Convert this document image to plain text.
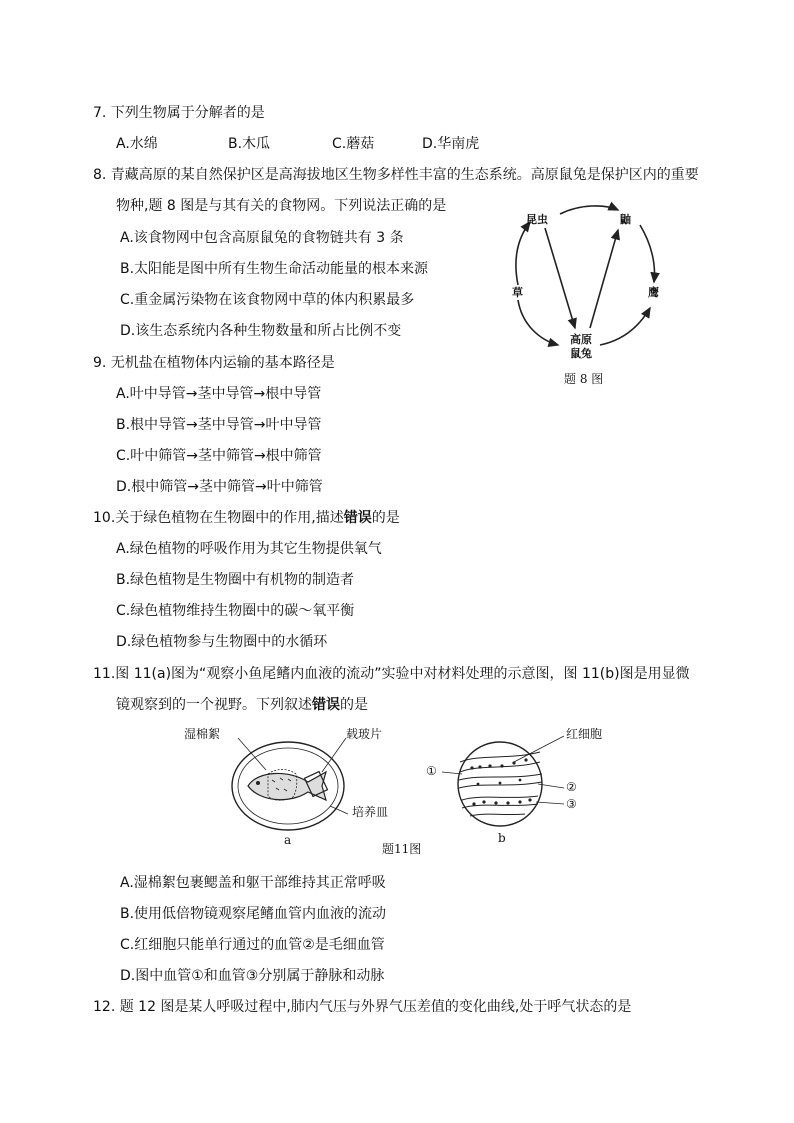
7. 下列生物属于分解者的是
A.水绵	B.木瓜	C.蘑菇	D.华南虎
8. 青藏高原的某自然保护区是高海拔地区生物多样性丰富的生态系统。高原鼠兔是保护区内的重要
物种,题 8 图是与其有关的食物网。下列说法正确的是
A.该食物网中包含高原鼠兔的食物链共有 3 条
B.太阳能是图中所有生物生命活动能量的根本来源
C.重金属污染物在该食物网中草的体内积累最多
D.该生态系统内各种生物数量和所占比例不变
昆虫	鼬
草	鹰
高原
鼠兔
题 8 图
9. 无机盐在植物体内运输的基本路径是
A.叶中导管→茎中导管→根中导管
B.根中导管→茎中导管→叶中导管
C.叶中筛管→茎中筛管→根中筛管
D.根中筛管→茎中筛管→叶中筛管
10.关于绿色植物在生物圈中的作用,描述错误的是
A.绿色植物的呼吸作用为其它生物提供氧气
B.绿色植物是生物圈中有机物的制造者
C.绿色植物维持生物圈中的碳～氧平衡
D.绿色植物参与生物圈中的水循环
11.图 11(a)图为“观察小鱼尾鳍内血液的流动”实验中对材料处理的示意图，图 11(b)图是用显微
镜观察到的一个视野。下列叙述错误的是
湿棉絮	载玻片
培养皿
a
红细胞
①
②
③
b
题11图
A.湿棉絮包裹鳃盖和躯干部维持其正常呼吸
B.使用低倍物镜观察尾鳍血管内血液的流动
C.红细胞只能单行通过的血管②是毛细血管
D.图中血管①和血管③分别属于静脉和动脉
12. 题 12 图是某人呼吸过程中,肺内气压与外界气压差值的变化曲线,处于呼气状态的是
